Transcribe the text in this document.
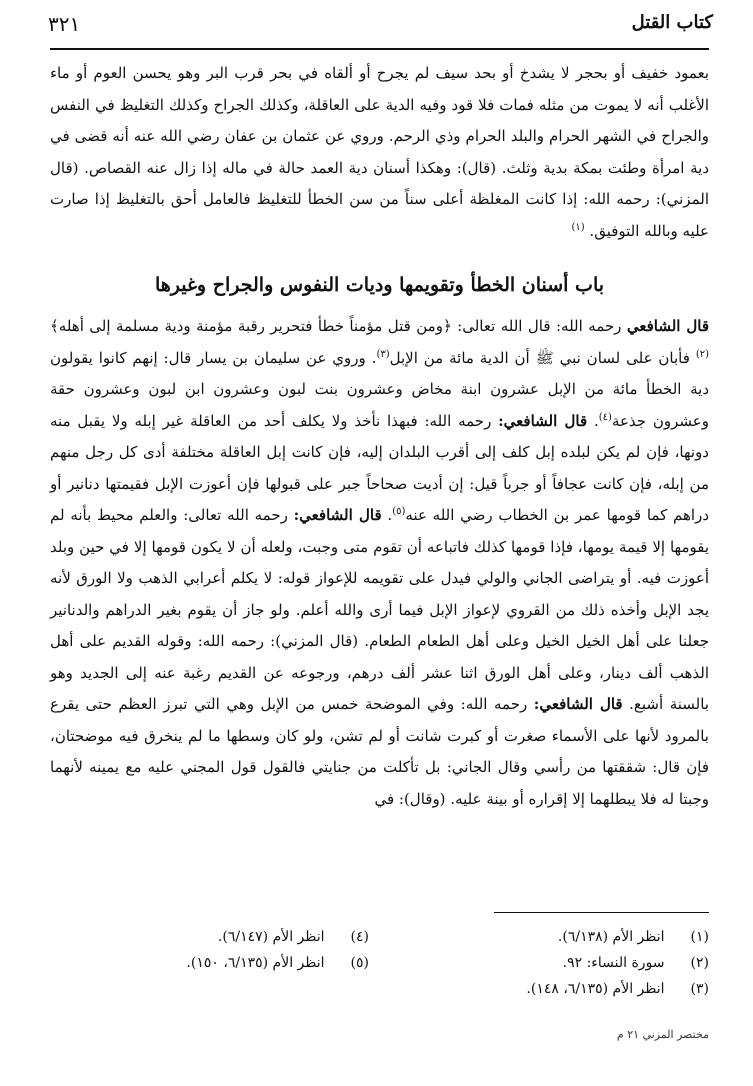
كتاب القتل
٣٢١

بعمود خفيف أو بحجر لا يشدخ أو بحد سيف لم يجرح أو ألقاه في بحر قرب البر وهو يحسن العوم أو ماء الأغلب أنه لا يموت من مثله فمات فلا قود وفيه الدية على العاقلة، وكذلك الجراح وكذلك التغليظ في النفس والجراح في الشهر الحرام والبلد الحرام وذي الرحم. وروي عن عثمان بن عفان رضي الله عنه أنه قضى في دية امرأة وطئت بمكة بدية وثلث. (قال): وهكذا أسنان دية العمد حالة في ماله إذا زال عنه القصاص. (قال المزني): رحمه الله: إذا كانت المغلظة أعلى سناً من سن الخطأ للتغليظ فالعامل أحق بالتغليظ إذا صارت عليه وبالله التوفيق. $^{(١)}$

باب أسنان الخطأ وتقويمها وديات النفوس والجراح وغيرها

قال الشافعي رحمه الله: قال الله تعالى: ﴿ومن قتل مؤمناً خطأ فتحرير رقبة مؤمنة ودية مسلمة إلى أهله﴾$^{(٢)}$ فأبان على لسان نبي ﷺ أن الدية مائة من الإبل$^{(٣)}$. وروي عن سليمان بن يسار قال: إنهم كانوا يقولون دية الخطأ مائة من الإبل عشرون ابنة مخاض وعشرون بنت لبون وعشرون ابن لبون وعشرون حقة وعشرون جذعة$^{(٤)}$. قال الشافعي: رحمه الله: فبهذا نأخذ ولا يكلف أحد من العاقلة غير إبله ولا يقبل منه دونها، فإن لم يكن لبلده إبل كلف إلى أقرب البلدان إليه، فإن كانت إبل العاقلة مختلفة أدى كل رجل منهم من إبله، فإن كانت عجافاً أو جرباً قيل: إن أديت صحاحاً جبر على قبولها فإن أعوزت الإبل فقيمتها دنانير أو دراهم كما قومها عمر بن الخطاب رضي الله عنه$^{(٥)}$. قال الشافعي: رحمه الله تعالى: والعلم محيط بأنه لم يقومها إلا قيمة يومها، فإذا قومها كذلك فاتباعه أن تقوم متى وجبت، ولعله أن لا يكون قومها إلا في حين وبلد أعوزت فيه. أو يتراضى الجاني والولي فيدل على تقويمه للإعواز قوله: لا يكلم أعرابي الذهب ولا الورق لأنه يجد الإبل وأخذه ذلك من القروي لإعواز الإبل فيما أرى والله أعلم. ولو جاز أن يقوم بغير الدراهم والدنانير جعلنا على أهل الخيل الخيل وعلى أهل الطعام الطعام. (قال المزني): رحمه الله: وقوله القديم على أهل الذهب ألف دينار، وعلى أهل الورق اثنا عشر ألف درهم، ورجوعه عن القديم رغبة عنه إلى الجديد وهو بالسنة أشبع. قال الشافعي: رحمه الله: وفي الموضحة خمس من الإبل وهي التي تبرز العظم حتى يقرع بالمرود لأنها على الأسماء صغرت أو كبرت شانت أو لم تشن، ولو كان وسطها ما لم ينخرق فيه موضحتان، فإن قال: شققتها من رأسي وقال الجاني: بل تأكلت من جنايتي فالقول قول المجني عليه مع يمينه لأنهما وجبتا له فلا يبطلهما إلا إقراره أو بينة عليه. (وقال): في

(١) انظر الأم (٦/١٣٨).
(٢) سورة النساء: ٩٢.
(٣) انظر الأم (٦/١٣٥، ١٤٨).
(٤) انظر الأم (٦/١٤٧).
(٥) انظر الأم (٦/١٣٥، ١٥٠).
مختصر المزني ٢١ م
